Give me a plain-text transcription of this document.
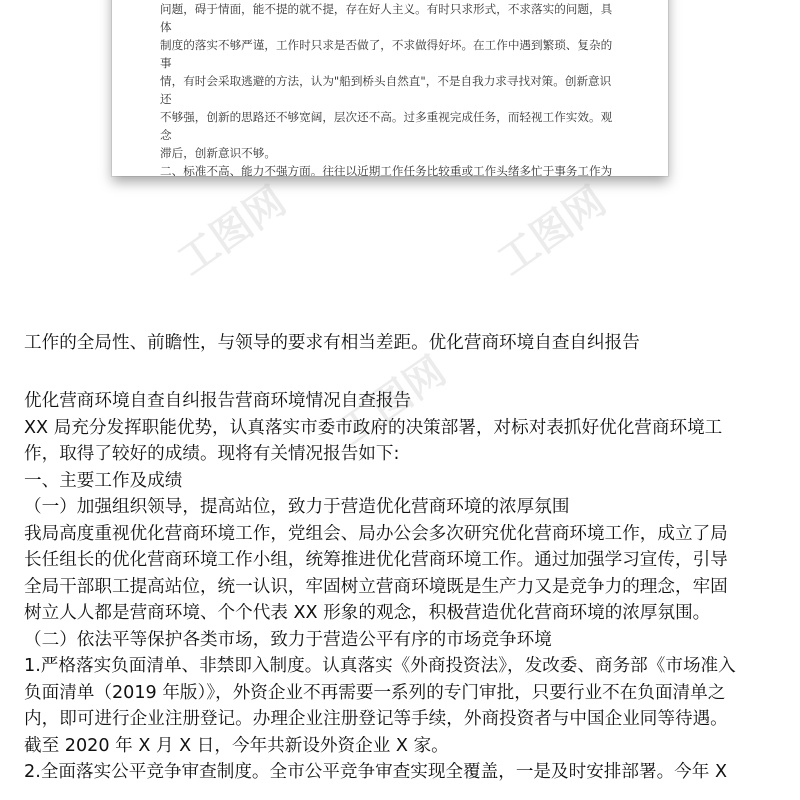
问题，碍于情面，能不提的就不提，存在好人主义。有时只求形式，不求落实的问题，具体

制度的落实不够严谨，工作时只求是否做了，不求做得好坏。在工作中遇到繁琐、复杂的事

情，有时会采取逃避的方法，认为"船到桥头自然直"，不是自我力求寻找对策。创新意识还

不够强，创新的思路还不够宽阔，层次还不高。过多重视完成任务，而轻视工作实效。观念

滞后，创新意识不够。

二、标准不高、能力不强方面。往往以近期工作任务比较重或工作头绪多忙于事务工作为

工图网	工图网
工图网

工作的全局性、前瞻性，与领导的要求有相当差距。优化营商环境自查自纠报告

优化营商环境自查自纠报告营商环境情况自查报告

XX 局充分发挥职能优势，认真落实市委市政府的决策部署，对标对表抓好优化营商环境工

作，取得了较好的成绩。现将有关情况报告如下:

一、主要工作及成绩

（一）加强组织领导，提高站位，致力于营造优化营商环境的浓厚氛围

我局高度重视优化营商环境工作，党组会、局办公会多次研究优化营商环境工作，成立了局

长任组长的优化营商环境工作小组，统筹推进优化营商环境工作。通过加强学习宣传，引导

全局干部职工提高站位，统一认识，牢固树立营商环境既是生产力又是竞争力的理念，牢固

树立人人都是营商环境、个个代表 XX 形象的观念，积极营造优化营商环境的浓厚氛围。

（二）依法平等保护各类市场，致力于营造公平有序的市场竞争环境

1.严格落实负面清单、非禁即入制度。认真落实《外商投资法》，发改委、商务部《市场准入

负面清单（2019 年版）》，外资企业不再需要一系列的专门审批，只要行业不在负面清单之

内，即可进行企业注册登记。办理企业注册登记等手续，外商投资者与中国企业同等待遇。

截至 2020 年 X 月 X 日，今年共新设外资企业 X 家。

2.全面落实公平竞争审查制度。全市公平竞争审查实现全覆盖，一是及时安排部署。今年 X
